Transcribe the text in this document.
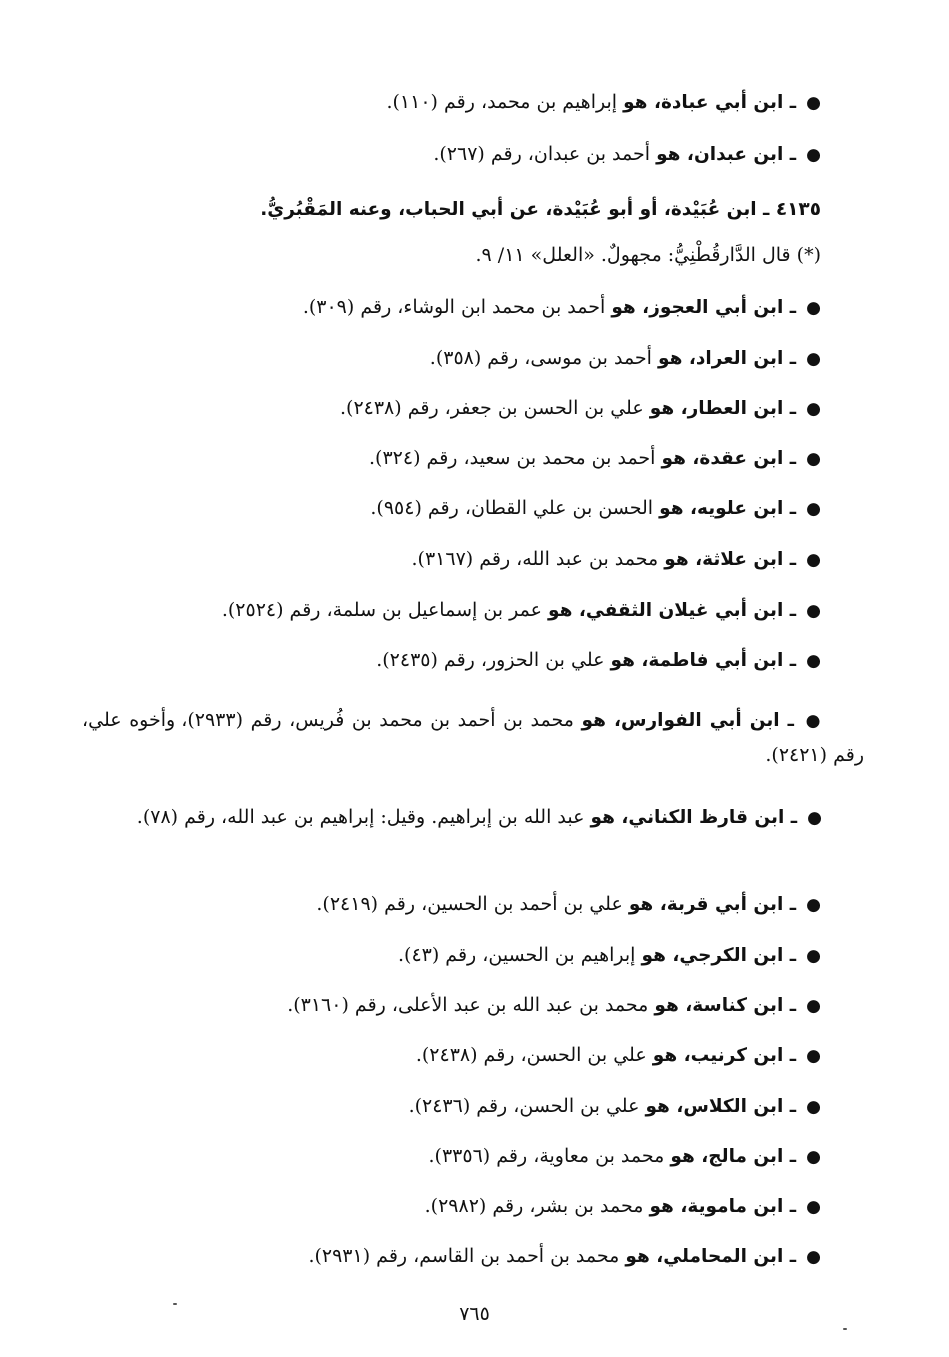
● ـ ابن أبي عبادة، هو إبراهيم بن محمد، رقم (١١٠).
● ـ ابن عبدان، هو أحمد بن عبدان، رقم (٢٦٧).
٤١٣٥ ـ ابن عُبَيْدة، أو أبو عُبَيْدة، عن أبي الحباب، وعنه المَقْبُريُّ.
(*) قال الدَّارقُطْنِيُّ: مجهولٌ. «العلل» ١١/ ٩.
● ـ ابن أبي العجوز، هو أحمد بن محمد ابن الوشاء، رقم (٣٠٩).
● ـ ابن العراد، هو أحمد بن موسى، رقم (٣٥٨).
● ـ ابن العطار، هو علي بن الحسن بن جعفر، رقم (٢٤٣٨).
● ـ ابن عقدة، هو أحمد بن محمد بن سعيد، رقم (٣٢٤).
● ـ ابن علويه، هو الحسن بن علي القطان، رقم (٩٥٤).
● ـ ابن علاثة، هو محمد بن عبد الله، رقم (٣١٦٧).
● ـ ابن أبي غيلان الثقفي، هو عمر بن إسماعيل بن سلمة، رقم (٢٥٢٤).
● ـ ابن أبي فاطمة، هو علي بن الحزور، رقم (٢٤٣٥).
● ـ ابن أبي الفوارس، هو محمد بن أحمد بن محمد بن فُريس، رقم (٢٩٣٣)، وأخوه علي، رقم (٢٤٢١).
● ـ ابن قارظ الكناني، هو عبد الله بن إبراهيم. وقيل: إبراهيم بن عبد الله، رقم (٧٨).
● ـ ابن أبي قربة، هو علي بن أحمد بن الحسين، رقم (٢٤١٩).
● ـ ابن الكرجي، هو إبراهيم بن الحسين، رقم (٤٣).
● ـ ابن كناسة، هو محمد بن عبد الله بن عبد الأعلى، رقم (٣١٦٠).
● ـ ابن كرنيب، هو علي بن الحسن، رقم (٢٤٣٨).
● ـ ابن الكلاس، هو علي بن الحسن، رقم (٢٤٣٦).
● ـ ابن مالج، هو محمد بن معاوية، رقم (٣٣٥٦).
● ـ ابن ماموية، هو محمد بن بشر، رقم (٢٩٨٢).
● ـ ابن المحاملي، هو محمد بن أحمد بن القاسم، رقم (٢٩٣١).
٧٦٥
